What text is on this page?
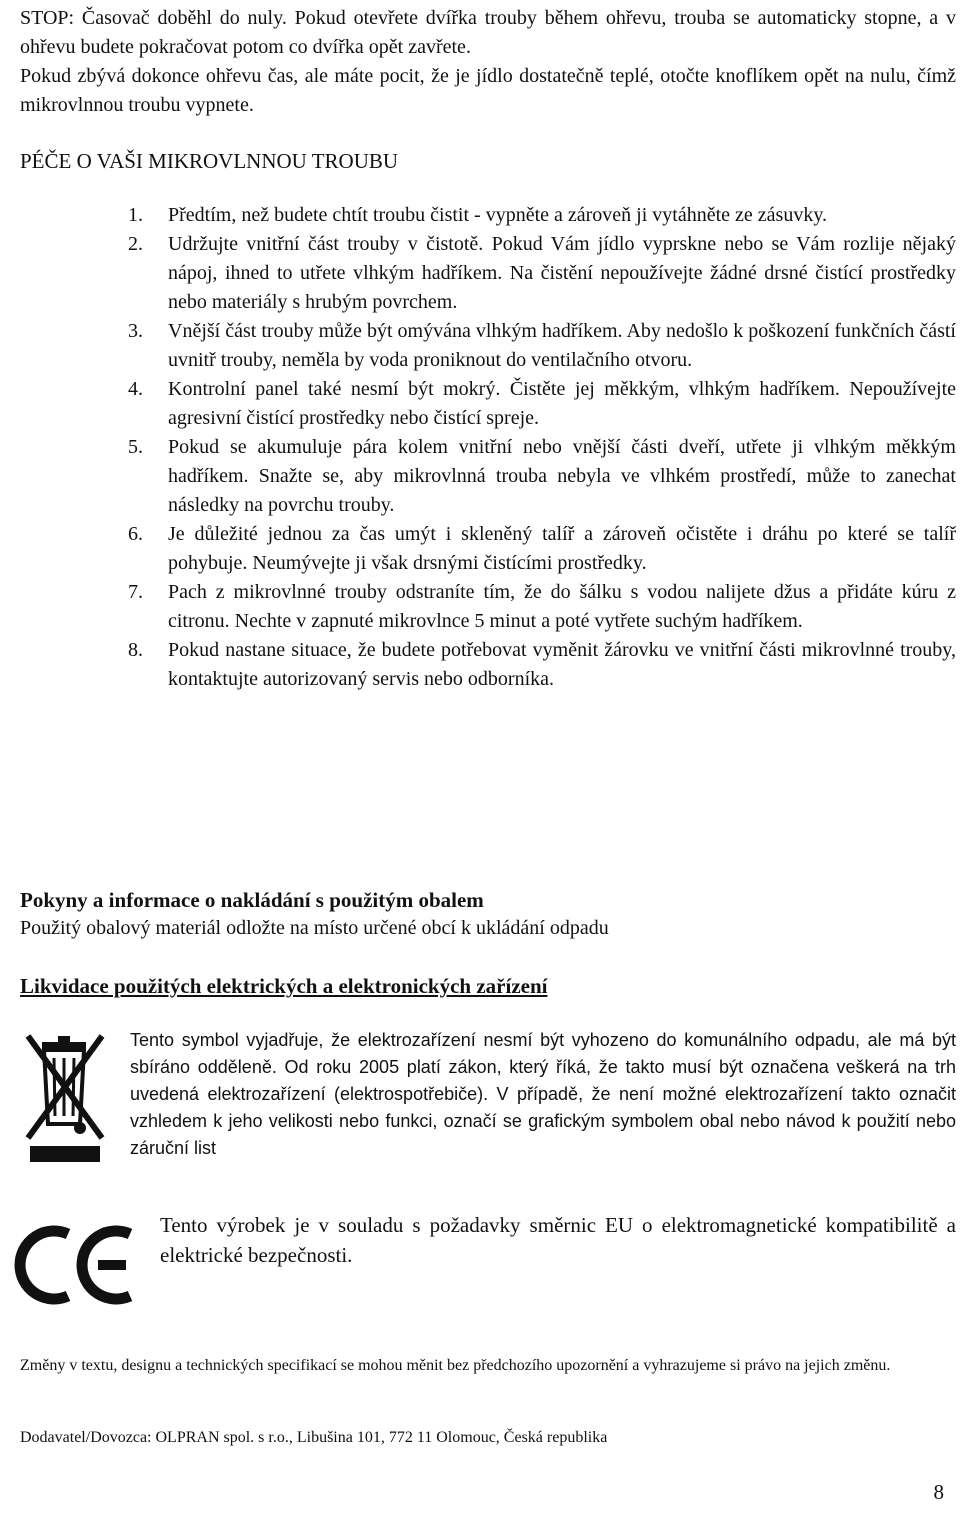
STOP: Časovač doběhl do nuly. Pokud otevřete dvířka trouby během ohřevu, trouba se automaticky stopne, a v ohřevu budete pokračovat potom co dvířka opět zavřete.

Pokud zbývá dokonce ohřevu čas, ale máte pocit, že je jídlo dostatečně teplé, otočte knoflíkem opět na nulu, čímž mikrovlnnou troubu vypnete.

PÉČE O VAŠI MIKROVLNNOU TROUBU
1. Předtím, než budete chtít troubu čistit - vypněte a zároveň ji vytáhněte ze zásuvky.
2. Udržujte vnitřní část trouby v čistotě. Pokud Vám jídlo vyprskne nebo se Vám rozlije nějaký nápoj, ihned to utřete vlhkým hadříkem. Na čistění nepoužívejte žádné drsné čistící prostředky nebo materiály s hrubým povrchem.
3. Vnější část trouby může být omývána vlhkým hadříkem. Aby nedošlo k poškození funkčních částí uvnitř trouby, neměla by voda proniknout do ventilačního otvoru.
4. Kontrolní panel také nesmí být mokrý. Čistěte jej měkkým, vlhkým hadříkem. Nepoužívejte agresivní čistící prostředky nebo čistící spreje.
5. Pokud se akumuluje pára kolem vnitřní nebo vnější části dveří, utřete ji vlhkým měkkým hadříkem. Snažte se, aby mikrovlnná trouba nebyla ve vlhkém prostředí, může to zanechat následky na povrchu trouby.
6. Je důležité jednou za čas umýt i skleněný talíř a zároveň očistěte i dráhu po které se talíř pohybuje. Neumývejte ji však drsnými čistícími prostředky.
7. Pach z mikrovlnné trouby odstraníte tím, že do šálku s vodou nalijete džus a přidáte kúru z citronu. Nechte v zapnuté mikrovlnce 5 minut a poté vytřete suchým hadříkem.
8. Pokud nastane situace, že budete potřebovat vyměnit žárovku ve vnitřní části mikrovlnné trouby, kontaktujte autorizovaný servis nebo odborníka.
Pokyny a informace o nakládání s použitým obalem
Použitý obalový materiál odložte na místo určené obcí k ukládání odpadu
Likvidace použitých elektrických a elektronických zařízení

Tento symbol vyjadřuje, že elektrozařízení nesmí být vyhozeno do komunálního odpadu, ale má být sbíráno odděleně. Od roku 2005 platí zákon, který říká, že takto musí být označena veškerá na trh uvedená elektrozařízení (elektrospotřebiče). V případě, že není možné elektrozařízení takto označit vzhledem k jeho velikosti nebo funkci, označí se grafickým symbolem obal nebo návod k použití nebo záruční list

Tento výrobek je v souladu s požadavky směrnic EU o elektromagnetické kompatibilitě a elektrické bezpečnosti.

Změny v textu, designu a technických specifikací se mohou měnit bez předchozího upozornění a vyhrazujeme si právo na jejich změnu.

Dodavatel/Dovozca: OLPRAN spol. s r.o., Libušina 101, 772 11 Olomouc, Česká republika

8
